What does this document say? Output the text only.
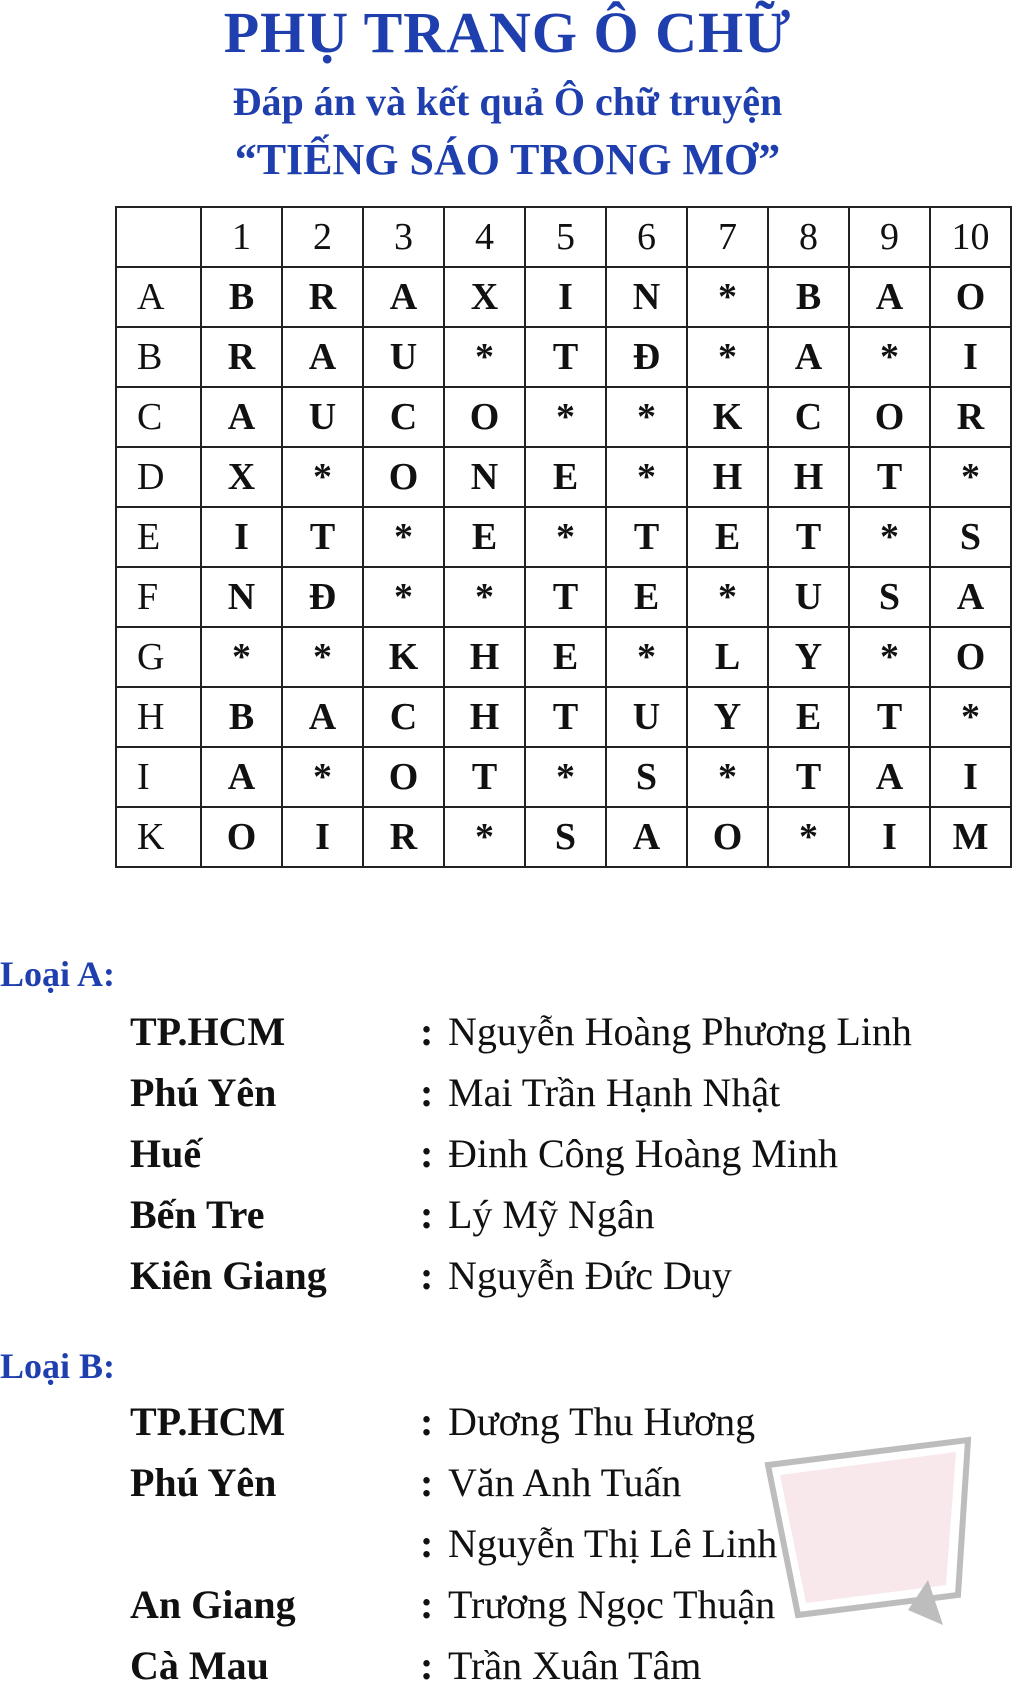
PHỤ TRANG Ô CHỮ
Đáp án và kết quả Ô chữ truyện
“TIẾNG SÁO TRONG MƠ”
	1	2	3	4	5	6	7	8	9	10
A	B	R	A	X	I	N	*	B	A	O
B	R	A	U	*	T	Đ	*	A	*	I
C	A	U	C	O	*	*	K	C	O	R
D	X	*	O	N	E	*	H	H	T	*
E	I	T	*	E	*	T	E	T	*	S
F	N	Đ	*	*	T	E	*	U	S	A
G	*	*	K	H	E	*	L	Y	*	O
H	B	A	C	H	T	U	Y	E	T	*
I	A	*	O	T	*	S	*	T	A	I
K	O	I	R	*	S	A	O	*	I	M
Loại A:
TP.HCM	: Nguyễn Hoàng Phương Linh
Phú Yên	: Mai Trần Hạnh Nhật
Huế	: Đinh Công Hoàng Minh
Bến Tre	: Lý Mỹ Ngân
Kiên Giang : Nguyễn Đức Duy
Loại B:
TP.HCM	: Dương Thu Hương
Phú Yên	: Văn Anh Tuấn
: Nguyễn Thị Lê Linh
An Giang	: Trương Ngọc Thuận
Cà Mau	: Trần Xuân Tâm
